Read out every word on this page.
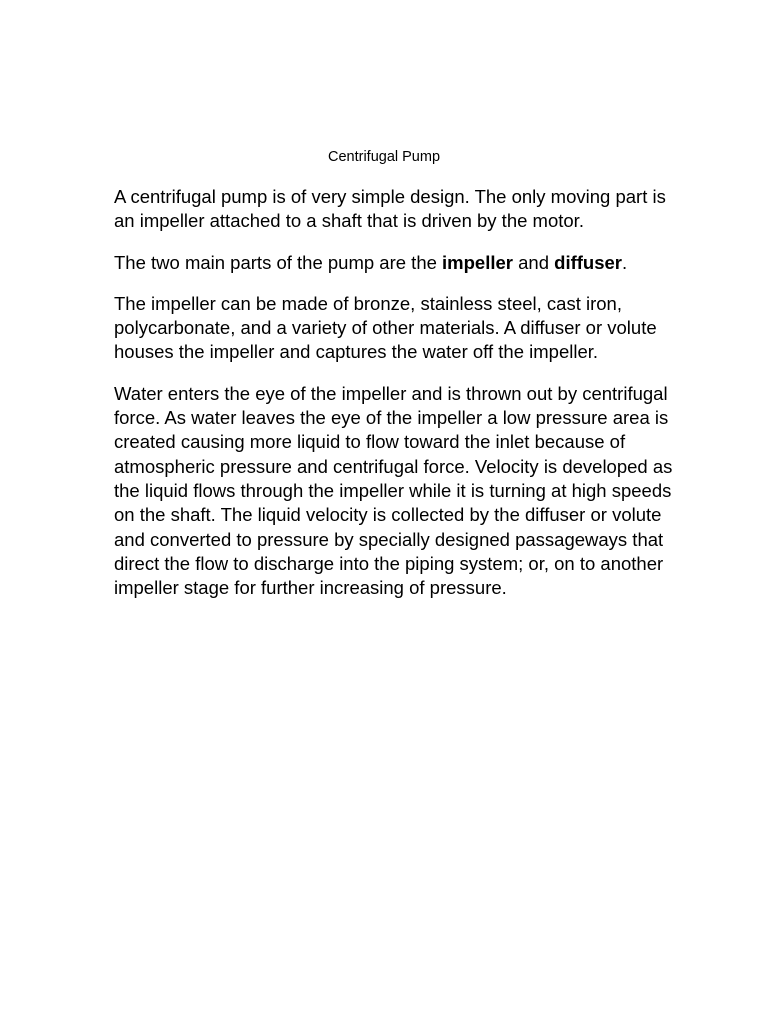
Centrifugal Pump

A centrifugal pump is of very simple design. The only moving part is an impeller attached to a shaft that is driven by the motor.

The two main parts of the pump are the impeller and diffuser.

The impeller can be made of bronze, stainless steel, cast iron, polycarbonate, and a variety of other materials. A diffuser or volute houses the impeller and captures the water off the impeller.

Water enters the eye of the impeller and is thrown out by centrifugal force. As water leaves the eye of the impeller a low pressure area is created causing more liquid to flow toward the inlet because of atmospheric pressure and centrifugal force. Velocity is developed as the liquid flows through the impeller while it is turning at high speeds on the shaft. The liquid velocity is collected by the diffuser or volute and converted to pressure by specially designed passageways that direct the flow to discharge into the piping system; or, on to another impeller stage for further increasing of pressure.
